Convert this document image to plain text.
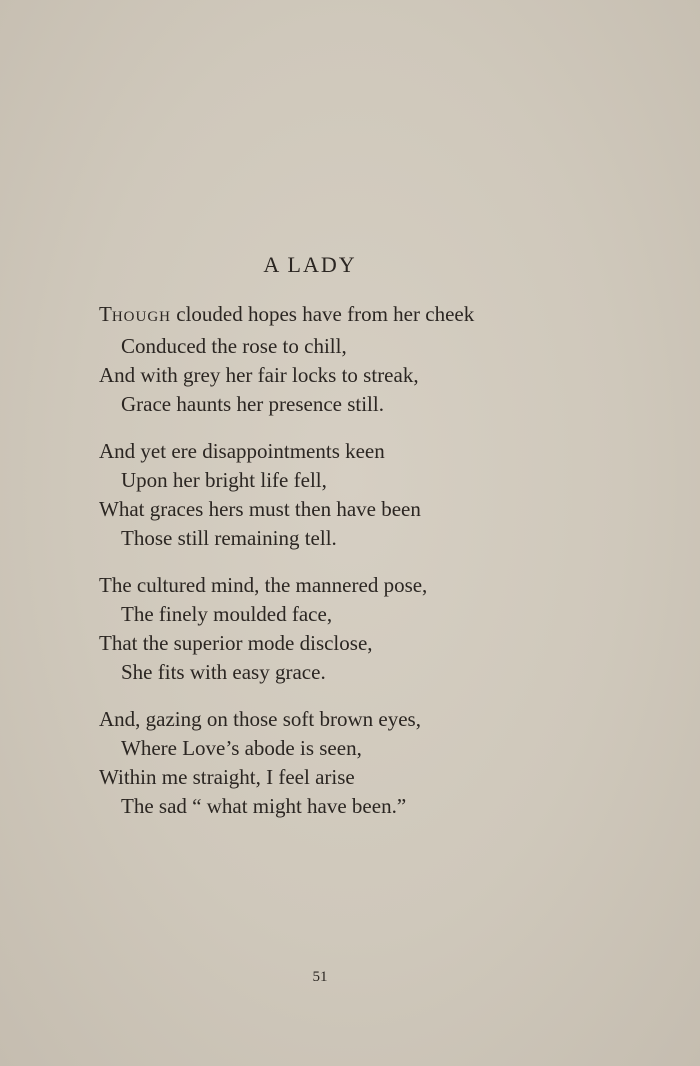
A LADY

THOUGH clouded hopes have from her cheek
Conduced the rose to chill,
And with grey her fair locks to streak,
Grace haunts her presence still.

And yet ere disappointments keen
Upon her bright life fell,
What graces hers must then have been
Those still remaining tell.

The cultured mind, the mannered pose,
The finely moulded face,
That the superior mode disclose,
She fits with easy grace.

And, gazing on those soft brown eyes,
Where Love’s abode is seen,
Within me straight, I feel arise
The sad “ what might have been.”

51
